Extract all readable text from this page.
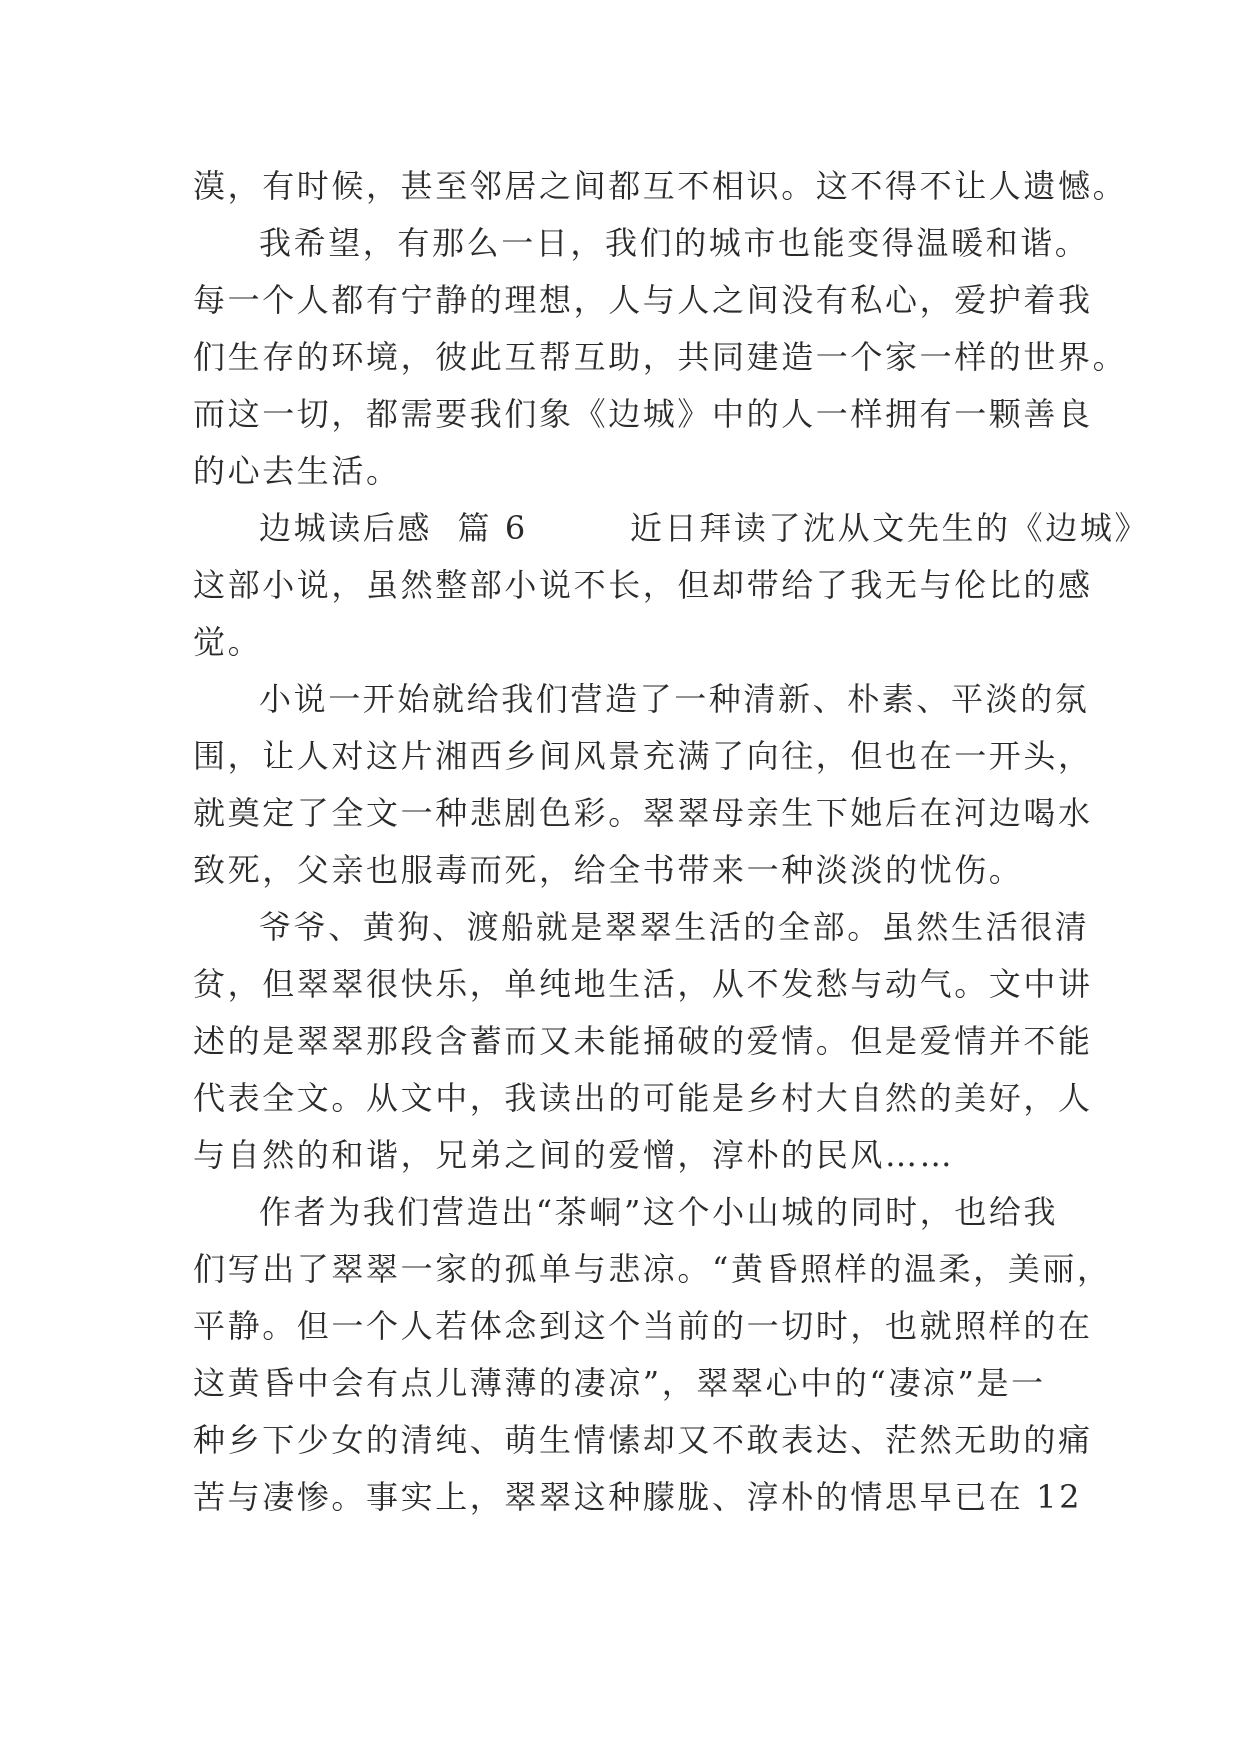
漠，有时候，甚至邻居之间都互不相识。这不得不让人遗憾。
我希望，有那么一日，我们的城市也能变得温暖和谐。
每一个人都有宁静的理想，人与人之间没有私心，爱护着我
们生存的环境，彼此互帮互助，共同建造一个家一样的世界。
而这一切，都需要我们象《边城》中的人一样拥有一颗善良
的心去生活。
边城读后感  篇 6        近日拜读了沈从文先生的《边城》
这部小说，虽然整部小说不长，但却带给了我无与伦比的感
觉。
小说一开始就给我们营造了一种清新、朴素、平淡的氛
围，让人对这片湘西乡间风景充满了向往，但也在一开头，
就奠定了全文一种悲剧色彩。翠翠母亲生下她后在河边喝水
致死，父亲也服毒而死，给全书带来一种淡淡的忧伤。
爷爷、黄狗、渡船就是翠翠生活的全部。虽然生活很清
贫，但翠翠很快乐，单纯地生活，从不发愁与动气。文中讲
述的是翠翠那段含蓄而又未能捅破的爱情。但是爱情并不能
代表全文。从文中，我读出的可能是乡村大自然的美好，人
与自然的和谐，兄弟之间的爱憎，淳朴的民风……
作者为我们营造出“茶峒”这个小山城的同时，也给我
们写出了翠翠一家的孤单与悲凉。“黄昏照样的温柔，美丽，
平静。但一个人若体念到这个当前的一切时，也就照样的在
这黄昏中会有点儿薄薄的凄凉”，翠翠心中的“凄凉”是一
种乡下少女的清纯、萌生情愫却又不敢表达、茫然无助的痛
苦与凄惨。事实上，翠翠这种朦胧、淳朴的情思早已在 12
